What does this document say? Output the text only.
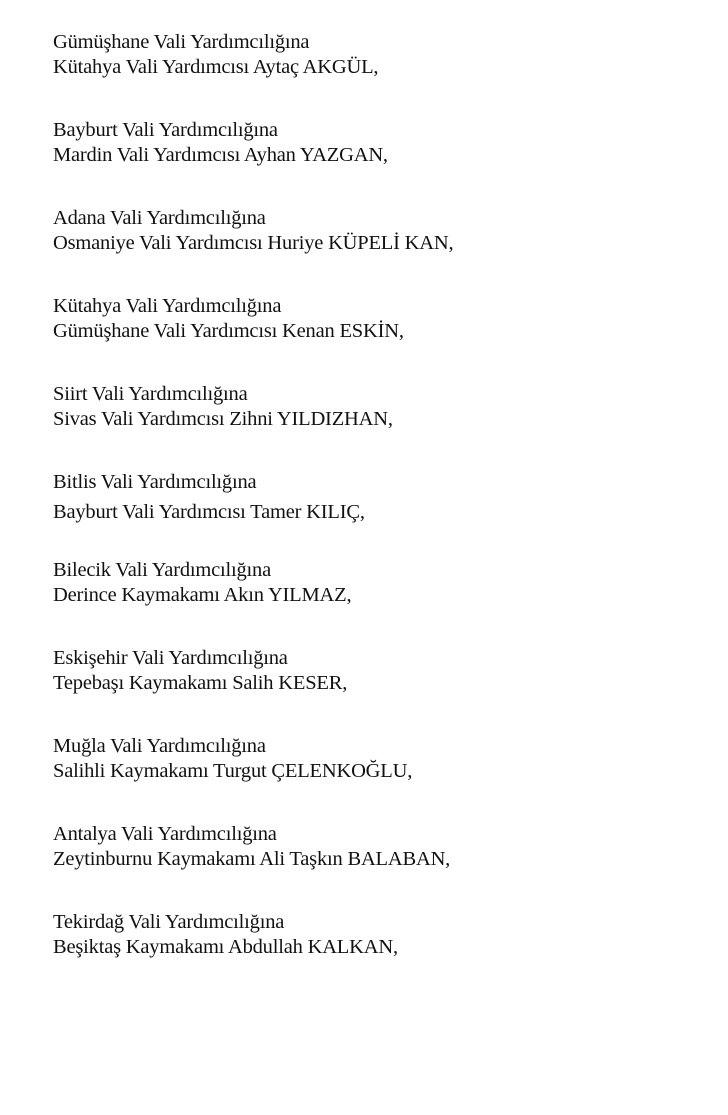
Gümüşhane Vali Yardımcılığına
Kütahya Vali Yardımcısı Aytaç AKGÜL,
Bayburt Vali Yardımcılığına
Mardin Vali Yardımcısı Ayhan YAZGAN,
Adana Vali Yardımcılığına
Osmaniye Vali Yardımcısı Huriye KÜPELİ KAN,
Kütahya Vali Yardımcılığına
Gümüşhane Vali Yardımcısı Kenan ESKİN,
Siirt Vali Yardımcılığına
Sivas Vali Yardımcısı Zihni YILDIZHAN,
Bitlis Vali Yardımcılığına
Bayburt Vali Yardımcısı Tamer KILIÇ,
Bilecik Vali Yardımcılığına
Derince Kaymakamı Akın YILMAZ,
Eskişehir Vali Yardımcılığına
Tepebaşı Kaymakamı Salih KESER,
Muğla Vali Yardımcılığına
Salihli Kaymakamı Turgut ÇELENKOĞLU,
Antalya Vali Yardımcılığına
Zeytinburnu Kaymakamı Ali Taşkın BALABAN,
Tekirdağ Vali Yardımcılığına
Beşiktaş Kaymakamı Abdullah KALKAN,
